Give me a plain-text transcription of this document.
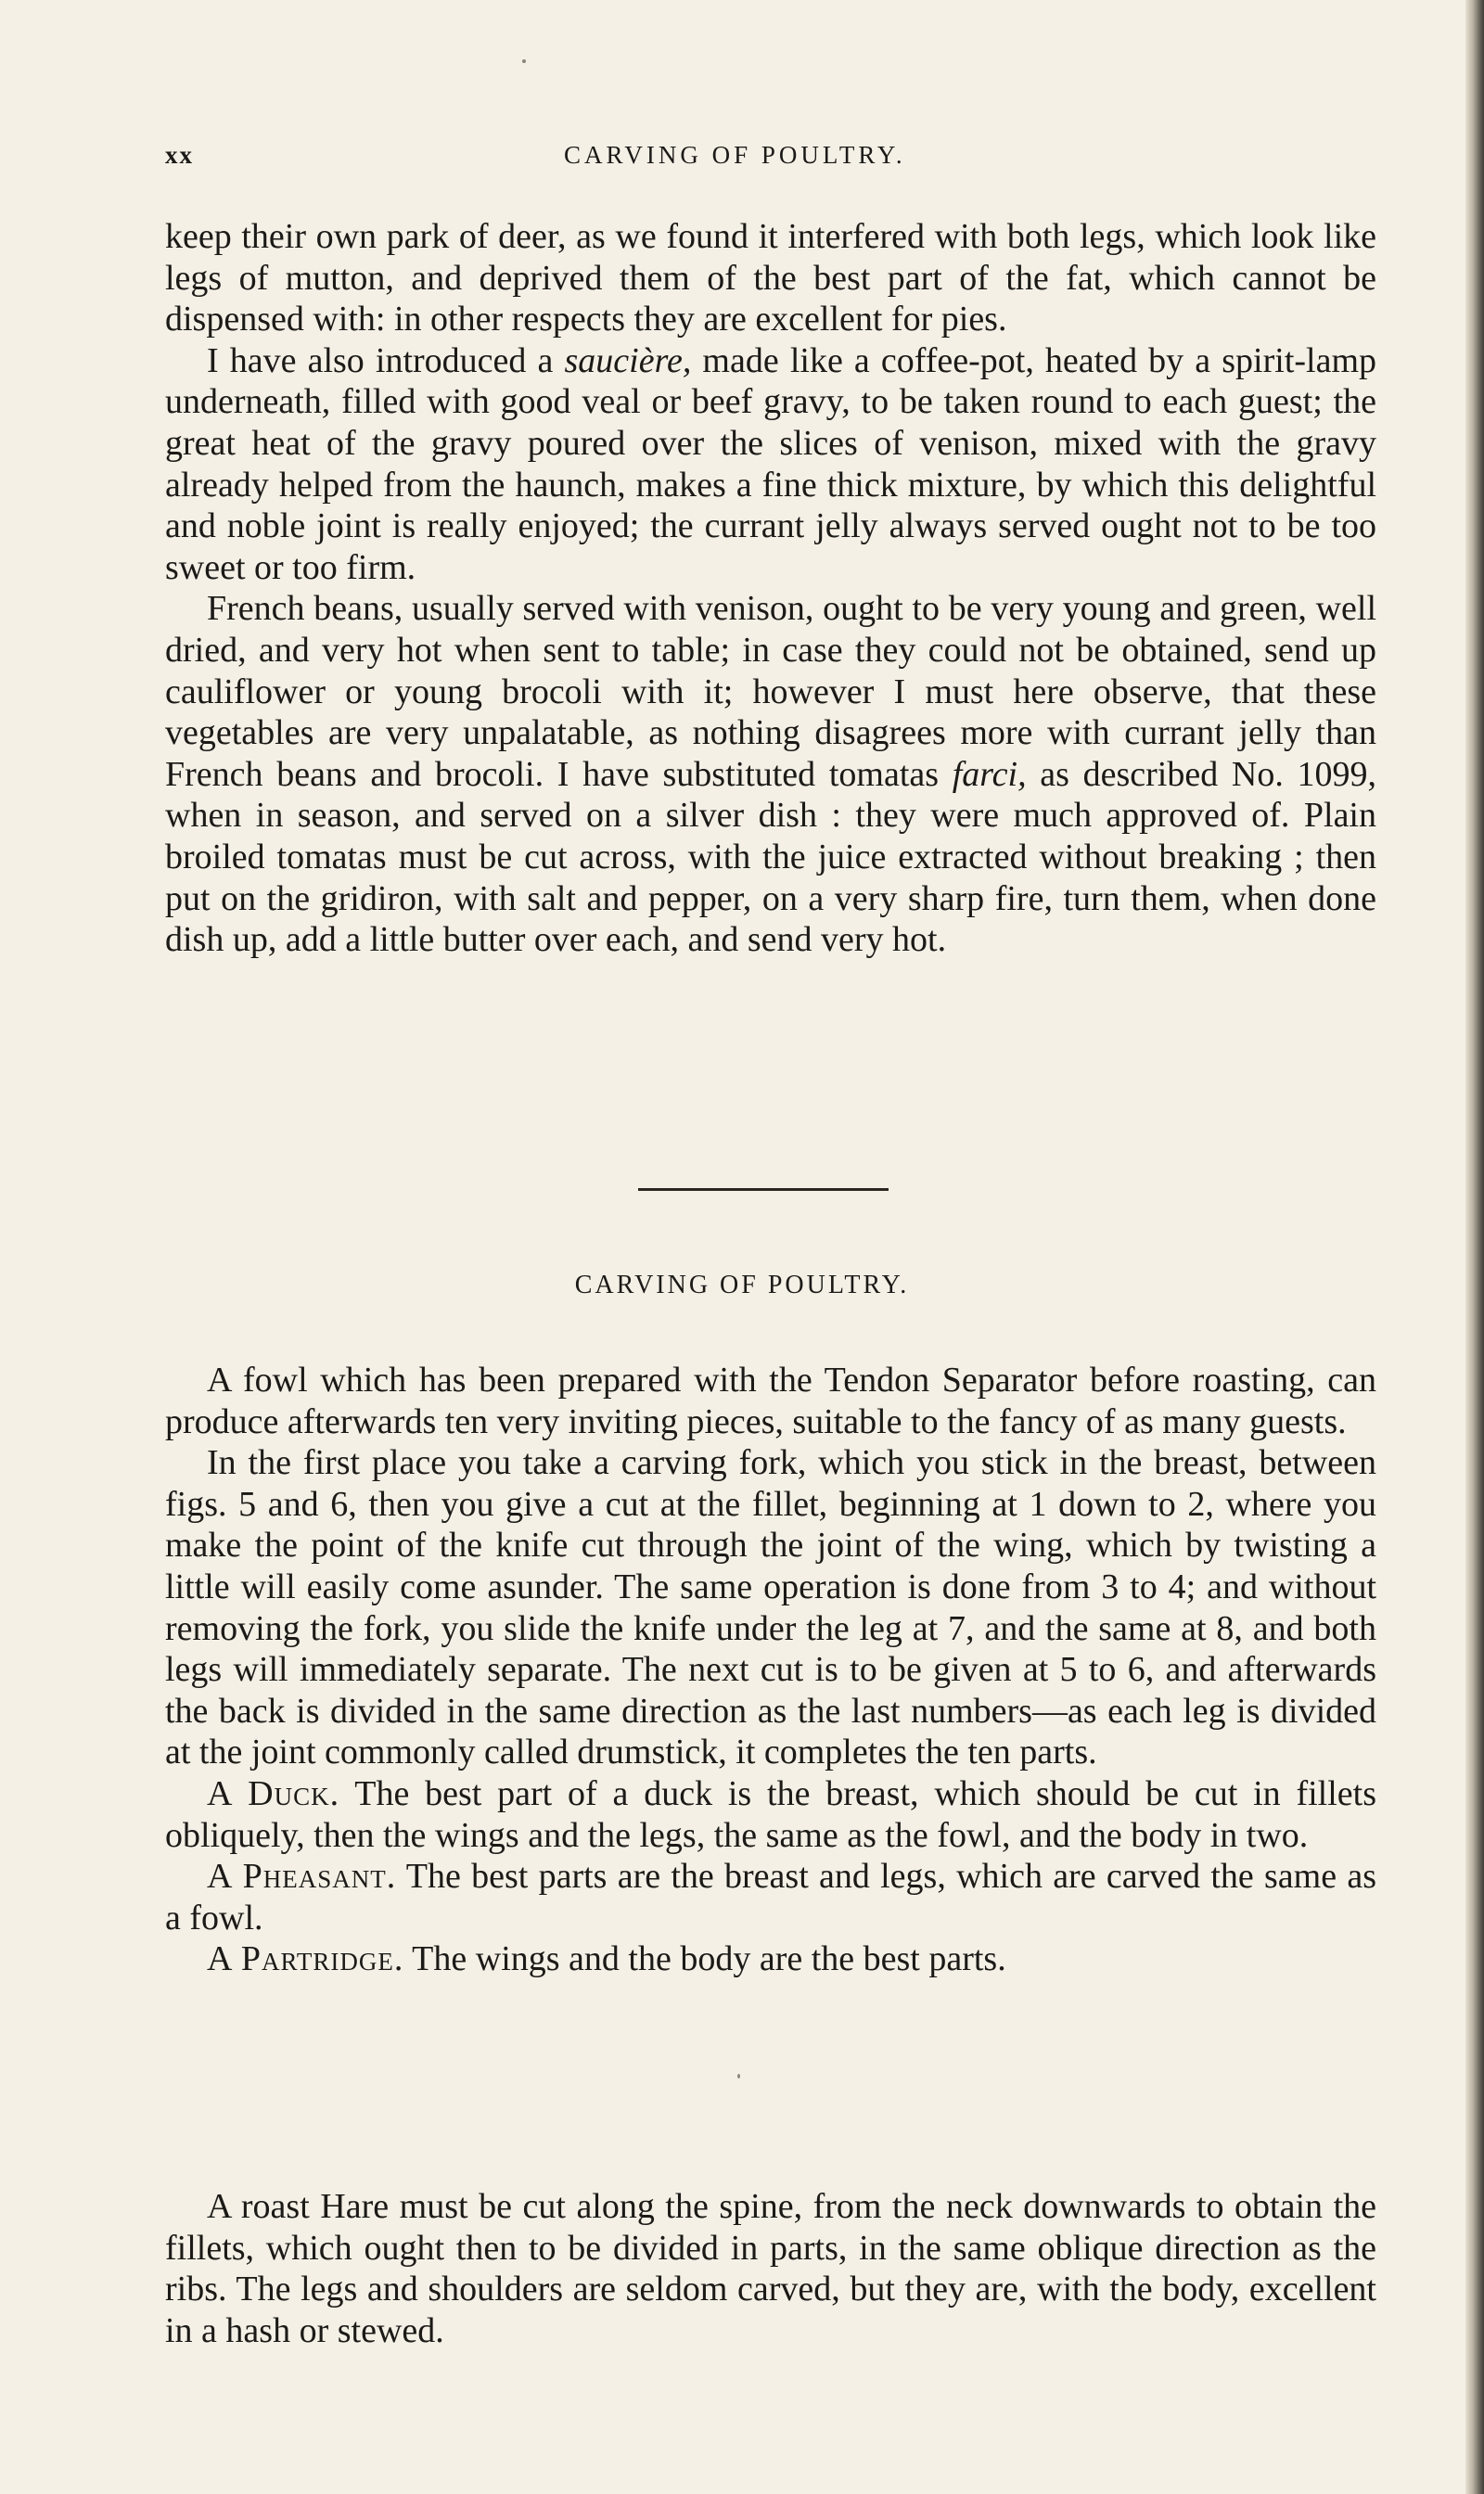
xx	CARVING OF POULTRY.

keep their own park of deer, as we found it interfered with both legs, which look like legs of mutton, and deprived them of the best part of the fat, which cannot be dispensed with: in other respects they are excellent for pies.

I have also introduced a saucière, made like a coffee-pot, heated by a spirit-lamp underneath, filled with good veal or beef gravy, to be taken round to each guest; the great heat of the gravy poured over the slices of venison, mixed with the gravy already helped from the haunch, makes a fine thick mixture, by which this delightful and noble joint is really enjoyed; the currant jelly always served ought not to be too sweet or too firm.

French beans, usually served with venison, ought to be very young and green, well dried, and very hot when sent to table; in case they could not be obtained, send up cauliflower or young brocoli with it; however I must here observe, that these vegetables are very unpalatable, as nothing disagrees more with currant jelly than French beans and brocoli. I have substituted tomatas farci, as described No. 1099, when in season, and served on a silver dish : they were much approved of. Plain broiled tomatas must be cut across, with the juice extracted without breaking ; then put on the gridiron, with salt and pepper, on a very sharp fire, turn them, when done dish up, add a little butter over each, and send very hot.

CARVING OF POULTRY.

A fowl which has been prepared with the Tendon Separator before roasting, can produce afterwards ten very inviting pieces, suitable to the fancy of as many guests.

In the first place you take a carving fork, which you stick in the breast, between figs. 5 and 6, then you give a cut at the fillet, beginning at 1 down to 2, where you make the point of the knife cut through the joint of the wing, which by twisting a little will easily come asunder. The same operation is done from 3 to 4; and without removing the fork, you slide the knife under the leg at 7, and the same at 8, and both legs will immediately separate. The next cut is to be given at 5 to 6, and afterwards the back is divided in the same direction as the last numbers—as each leg is divided at the joint commonly called drumstick, it completes the ten parts.

A Duck. The best part of a duck is the breast, which should be cut in fillets obliquely, then the wings and the legs, the same as the fowl, and the body in two.

A Pheasant. The best parts are the breast and legs, which are carved the same as a fowl.

A Partridge. The wings and the body are the best parts.

A roast Hare must be cut along the spine, from the neck downwards to obtain the fillets, which ought then to be divided in parts, in the same oblique direction as the ribs. The legs and shoulders are seldom carved, but they are, with the body, excellent in a hash or stewed.
